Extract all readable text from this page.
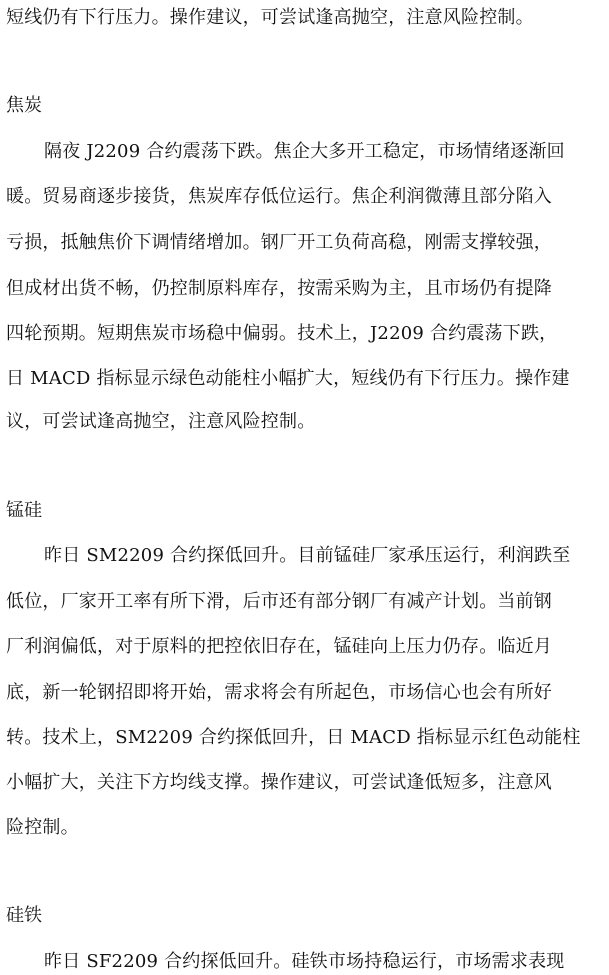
短线仍有下行压力。操作建议，可尝试逢高抛空，注意风险控制。
焦炭
隔夜 J2209 合约震荡下跌。焦企大多开工稳定，市场情绪逐渐回
暖。贸易商逐步接货，焦炭库存低位运行。焦企利润微薄且部分陷入
亏损，抵触焦价下调情绪增加。钢厂开工负荷高稳，刚需支撑较强，
但成材出货不畅，仍控制原料库存，按需采购为主，且市场仍有提降
四轮预期。短期焦炭市场稳中偏弱。技术上，J2209 合约震荡下跌，
日 MACD 指标显示绿色动能柱小幅扩大，短线仍有下行压力。操作建
议，可尝试逢高抛空，注意风险控制。
锰硅
昨日 SM2209 合约探低回升。目前锰硅厂家承压运行，利润跌至
低位，厂家开工率有所下滑，后市还有部分钢厂有减产计划。当前钢
厂利润偏低，对于原料的把控依旧存在，锰硅向上压力仍存。临近月
底，新一轮钢招即将开始，需求将会有所起色，市场信心也会有所好
转。技术上，SM2209 合约探低回升，日 MACD 指标显示红色动能柱
小幅扩大，关注下方均线支撑。操作建议，可尝试逢低短多，注意风
险控制。
硅铁
昨日 SF2209 合约探低回升。硅铁市场持稳运行，市场需求表现
